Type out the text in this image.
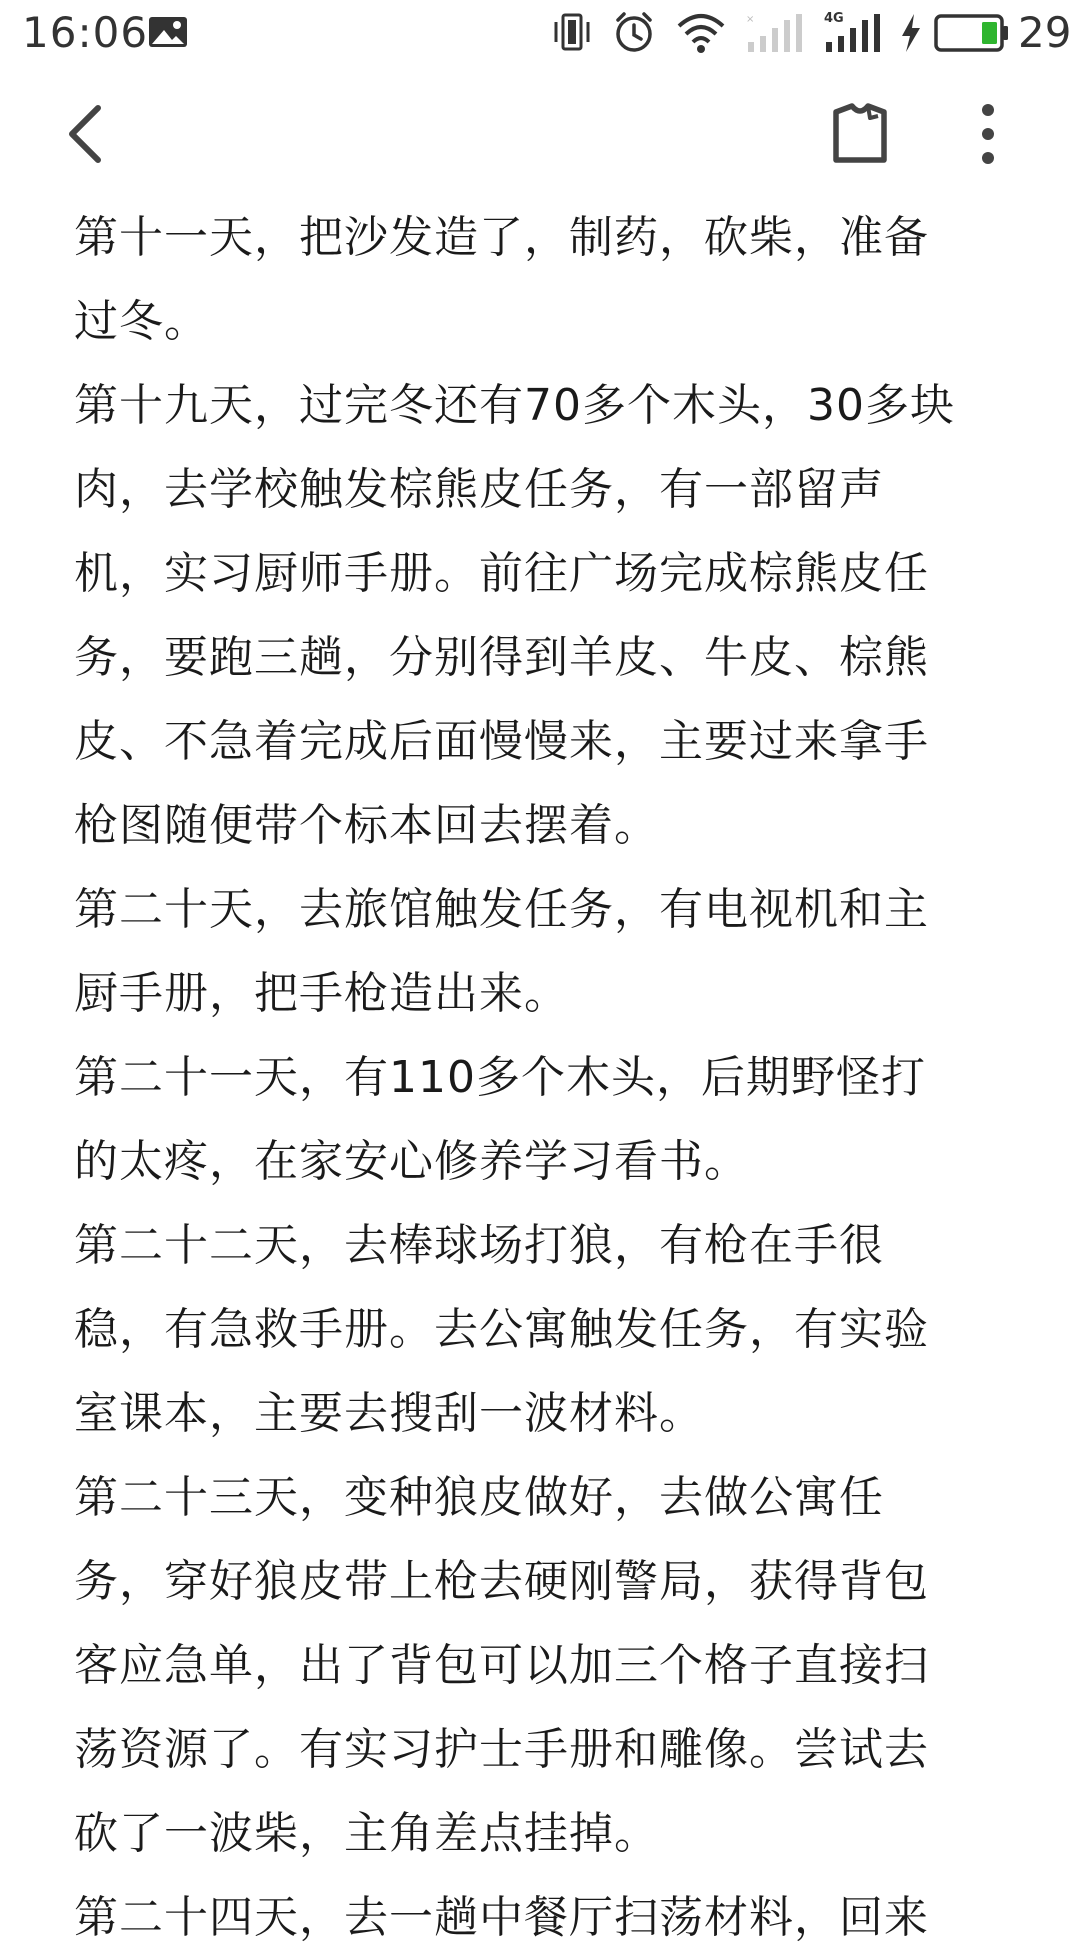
16:06	×	4G	29

第十一天，把沙发造了，制药，砍柴，准备

过冬。

第十九天，过完冬还有70多个木头，30多块

肉，去学校触发棕熊皮任务，有一部留声

机，实习厨师手册。前往广场完成棕熊皮任

务，要跑三趟，分别得到羊皮、牛皮、棕熊

皮、不急着完成后面慢慢来，主要过来拿手

枪图随便带个标本回去摆着。

第二十天，去旅馆触发任务，有电视机和主

厨手册，把手枪造出来。

第二十一天，有110多个木头，后期野怪打

的太疼，在家安心修养学习看书。

第二十二天，去棒球场打狼，有枪在手很

稳，有急救手册。去公寓触发任务，有实验

室课本，主要去搜刮一波材料。

第二十三天，变种狼皮做好，去做公寓任

务，穿好狼皮带上枪去硬刚警局，获得背包

客应急单，出了背包可以加三个格子直接扫

荡资源了。有实习护士手册和雕像。尝试去

砍了一波柴，主角差点挂掉。

第二十四天，去一趟中餐厅扫荡材料，回来
